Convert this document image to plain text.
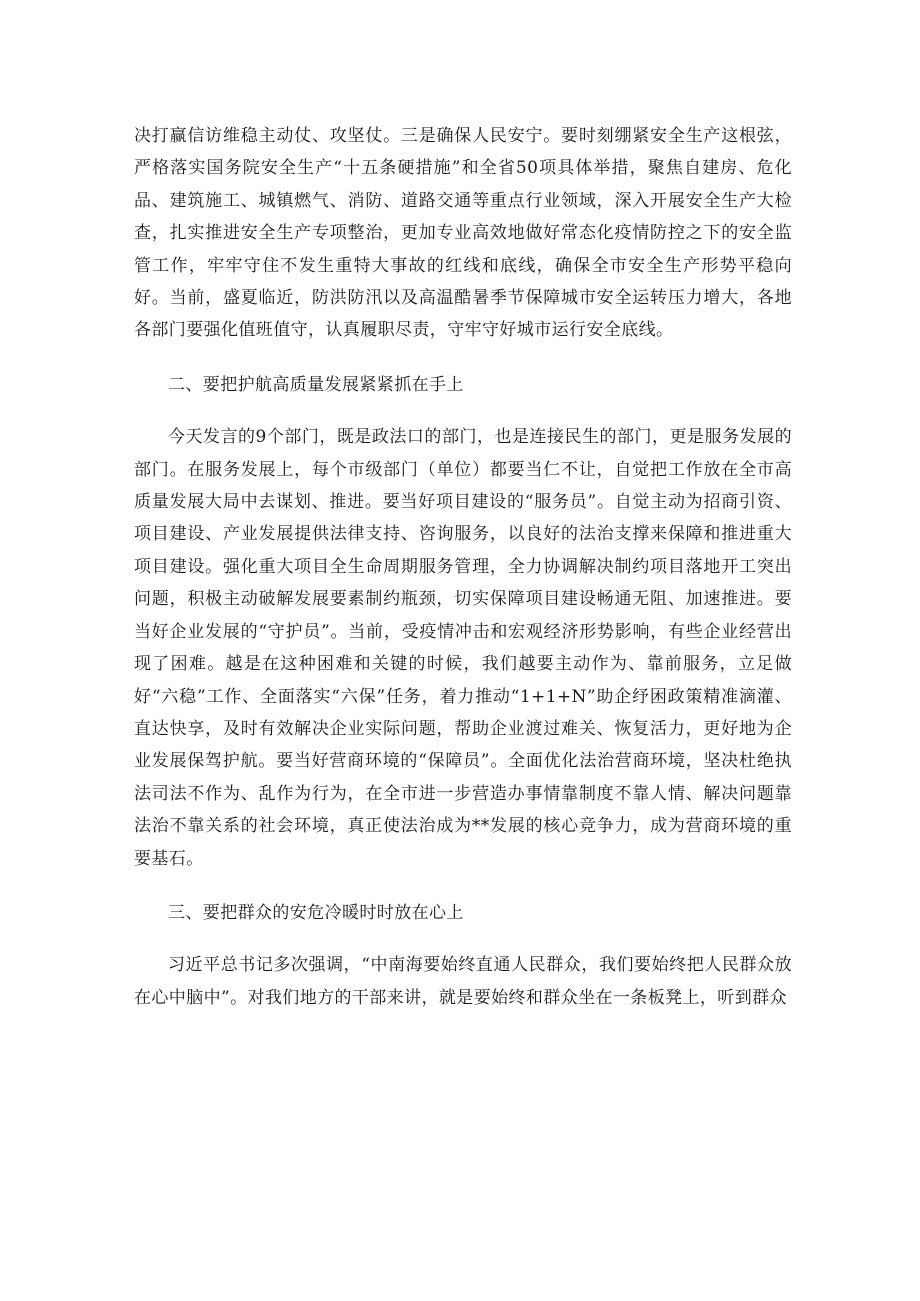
决打赢信访维稳主动仗、攻坚仗。三是确保人民安宁。要时刻绷紧安全生产这根弦，严格落实国务院安全生产“十五条硬措施”和全省50项具体举措，聚焦自建房、危化品、建筑施工、城镇燃气、消防、道路交通等重点行业领域，深入开展安全生产大检查，扎实推进安全生产专项整治，更加专业高效地做好常态化疫情防控之下的安全监管工作，牢牢守住不发生重特大事故的红线和底线，确保全市安全生产形势平稳向好。当前，盛夏临近，防洪防汛以及高温酷暑季节保障城市安全运转压力增大，各地各部门要强化值班值守，认真履职尽责，守牢守好城市运行安全底线。

二、要把护航高质量发展紧紧抓在手上

今天发言的9个部门，既是政法口的部门，也是连接民生的部门，更是服务发展的部门。在服务发展上，每个市级部门（单位）都要当仁不让，自觉把工作放在全市高质量发展大局中去谋划、推进。要当好项目建设的“服务员”。自觉主动为招商引资、项目建设、产业发展提供法律支持、咨询服务，以良好的法治支撑来保障和推进重大项目建设。强化重大项目全生命周期服务管理，全力协调解决制约项目落地开工突出问题，积极主动破解发展要素制约瓶颈，切实保障项目建设畅通无阻、加速推进。要当好企业发展的“守护员”。当前，受疫情冲击和宏观经济形势影响，有些企业经营出现了困难。越是在这种困难和关键的时候，我们越要主动作为、靠前服务，立足做好“六稳”工作、全面落实“六保”任务，着力推动“1+1+N”助企纾困政策精准滴灌、直达快享，及时有效解决企业实际问题，帮助企业渡过难关、恢复活力，更好地为企业发展保驾护航。要当好营商环境的“保障员”。全面优化法治营商环境，坚决杜绝执法司法不作为、乱作为行为，在全市进一步营造办事情靠制度不靠人情、解决问题靠法治不靠关系的社会环境，真正使法治成为**发展的核心竞争力，成为营商环境的重要基石。

三、要把群众的安危冷暖时时放在心上

习近平总书记多次强调，“中南海要始终直通人民群众，我们要始终把人民群众放在心中脑中”。对我们地方的干部来讲，就是要始终和群众坐在一条板凳上，听到群众
